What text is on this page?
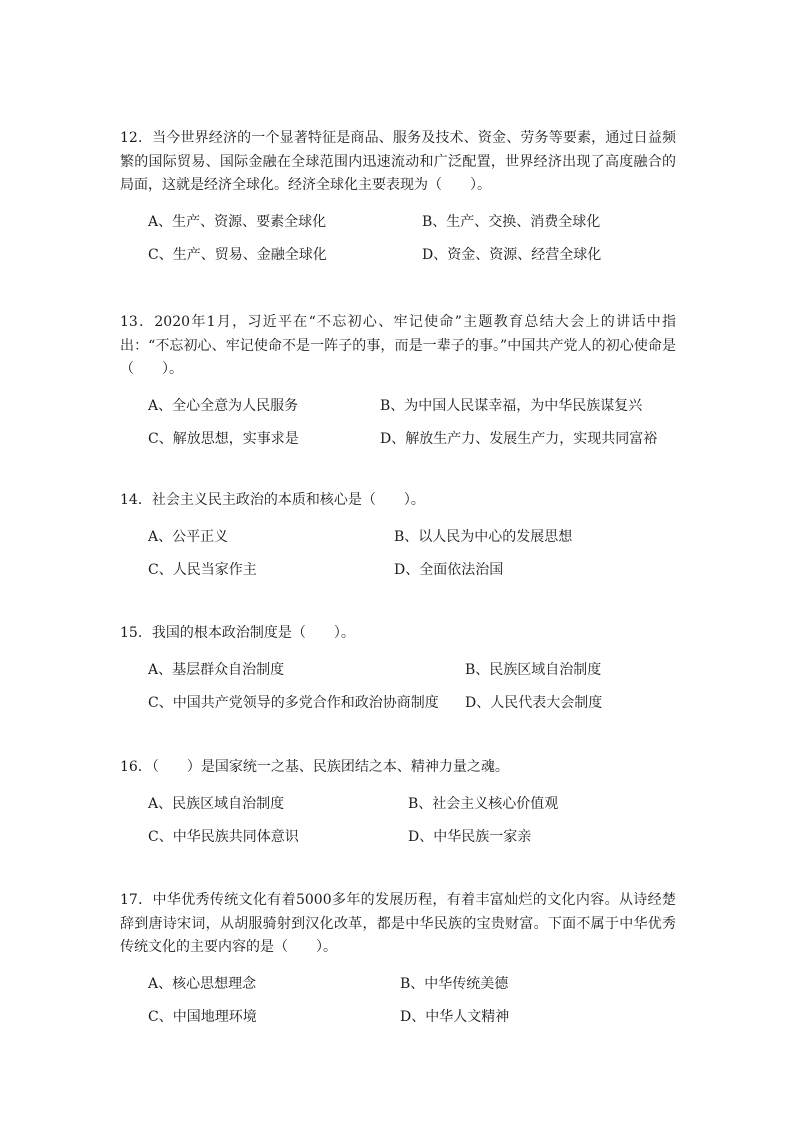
12．当今世界经济的一个显著特征是商品、服务及技术、资金、劳务等要素，通过日益频繁的国际贸易、国际金融在全球范围内迅速流动和广泛配置，世界经济出现了高度融合的局面，这就是经济全球化。经济全球化主要表现为（　　）。

A、生产、资源、要素全球化	B、生产、交换、消费全球化
C、生产、贸易、金融全球化	D、资金、资源、经营全球化

13．2020年1月，习近平在“不忘初心、牢记使命”主题教育总结大会上的讲话中指出：“不忘初心、牢记使命不是一阵子的事，而是一辈子的事。”中国共产党人的初心使命是（　　）。

A、全心全意为人民服务	B、为中国人民谋幸福，为中华民族谋复兴
C、解放思想，实事求是	D、解放生产力、发展生产力，实现共同富裕

14．社会主义民主政治的本质和核心是（　　）。

A、公平正义	B、以人民为中心的发展思想
C、人民当家作主	D、全面依法治国

15．我国的根本政治制度是（　　）。

A、基层群众自治制度	B、民族区域自治制度
C、中国共产党领导的多党合作和政治协商制度 D、人民代表大会制度

16．（　　）是国家统一之基、民族团结之本、精神力量之魂。

A、民族区域自治制度	B、社会主义核心价值观
C、中华民族共同体意识	D、中华民族一家亲

17．中华优秀传统文化有着5000多年的发展历程，有着丰富灿烂的文化内容。从诗经楚辞到唐诗宋词，从胡服骑射到汉化改革，都是中华民族的宝贵财富。下面不属于中华优秀传统文化的主要内容的是（　　）。

A、核心思想理念	B、中华传统美德
C、中国地理环境	D、中华人文精神
